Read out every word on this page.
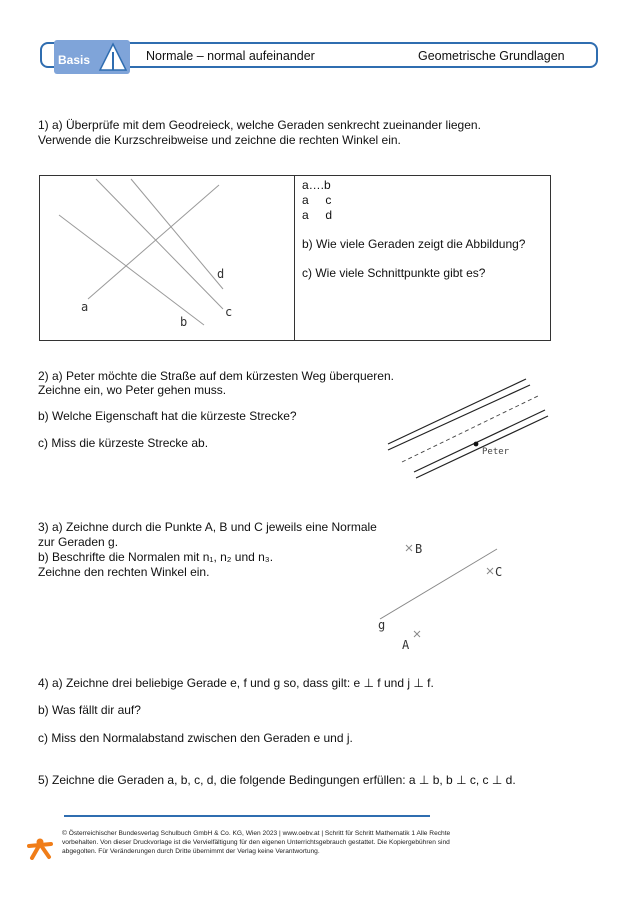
Basis	Normale – normal aufeinander	Geometrische Grundlagen
1) a) Überprüfe mit dem Geodreieck, welche Geraden senkrecht zueinander liegen.
Verwende die Kurzschreibweise und zeichne die rechten Winkel ein.
a
b
c
d
a….b
a     c
a     d
b) Wie viele Geraden zeigt die Abbildung?
c) Wie viele Schnittpunkte gibt es?
2) a) Peter möchte die Straße auf dem kürzesten Weg überqueren.
Zeichne ein, wo Peter gehen muss.
b) Welche Eigenschaft hat die kürzeste Strecke?
c) Miss die kürzeste Strecke ab.
Peter
3) a) Zeichne durch die Punkte A, B und C jeweils eine Normale
zur Geraden g.
b) Beschrifte die Normalen mit n₁, n₂ und n₃.
Zeichne den rechten Winkel ein.
B
C
A
g
4) a) Zeichne drei beliebige Gerade e, f und g so, dass gilt: e ⊥ f und j ⊥ f.
b) Was fällt dir auf?
c) Miss den Normalabstand zwischen den Geraden e und j.
5) Zeichne die Geraden a, b, c, d, die folgende Bedingungen erfüllen: a ⊥ b, b ⊥ c, c ⊥ d.
© Österreichischer Bundesverlag Schulbuch GmbH & Co. KG, Wien 2023 | www.oebv.at | Schritt für Schritt Mathematik 1 Alle Rechte vorbehalten. Von dieser Druckvorlage ist die Vervielfältigung für den eigenen Unterrichtsgebrauch gestattet. Die Kopiergebühren sind abgegolten. Für Veränderungen durch Dritte übernimmt der Verlag keine Verantwortung.
